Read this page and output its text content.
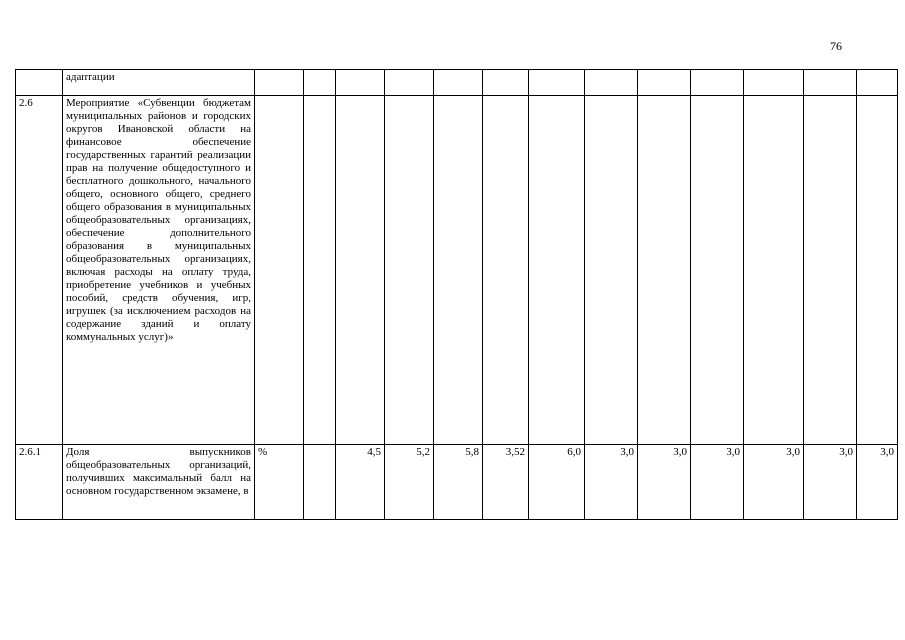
76
	адаптации													
2.6	Мероприятие «Субвенции бюджетам муниципальных районов и городских округов Ивановской области на финансовое обеспечение государственных гарантий реализации прав на получение общедоступного и бесплатного дошкольного, начального общего, основного общего, среднего общего образования в муниципальных общеобразовательных организациях, обеспечение дополнительного образования в муниципальных общеобразовательных организациях, включая расходы на оплату труда, приобретение учебников и учебных пособий, средств обучения, игр, игрушек (за исключением расходов на содержание зданий и оплату коммунальных услуг)»													
2.6.1	Доля выпускников общеобразовательных организаций, получивших максимальный балл на основном государственном экзамене, в	%		4,5	5,2	5,8	3,52	6,0	3,0	3,0	3,0	3,0	3,0	3,0
